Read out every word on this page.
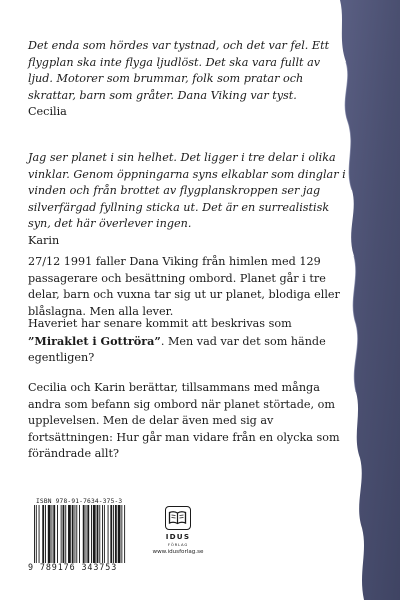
Det enda som hördes var tystnad, och det var fel. Ett flygplan ska inte flyga ljudlöst. Det ska vara fullt av ljud. Motorer som brummar, folk som pratar och skrattar, barn som gråter. Dana Viking var tyst.

Cecilia

Jag ser planet i sin helhet. Det ligger i tre delar i olika vinklar. Genom öppningarna syns elkablar som dinglar i vinden och från brottet av flygplanskroppen ser jag silverfärgad fyllning sticka ut. Det är en surrealistisk syn, det här överlever ingen.

Karin

27/12 1991 faller Dana Viking från himlen med 129 passagerare och besättning ombord. Planet går i tre delar, barn och vuxna tar sig ut ur planet, blodiga eller blåslagna. Men alla lever.

Haveriet har senare kommit att beskrivas som ”Miraklet i Gottröra”. Men vad var det som hände egentligen?

Cecilia och Karin berättar, tillsammans med många andra som befann sig ombord när planet störtade, om upplevelsen. Men de delar även med sig av fortsättningen: Hur går man vidare från en olycka som förändrade allt?

ISBN 978-91-7634-375-3
9 789176 343753
IDUS
FÖRLAG
www.idusforlag.se
